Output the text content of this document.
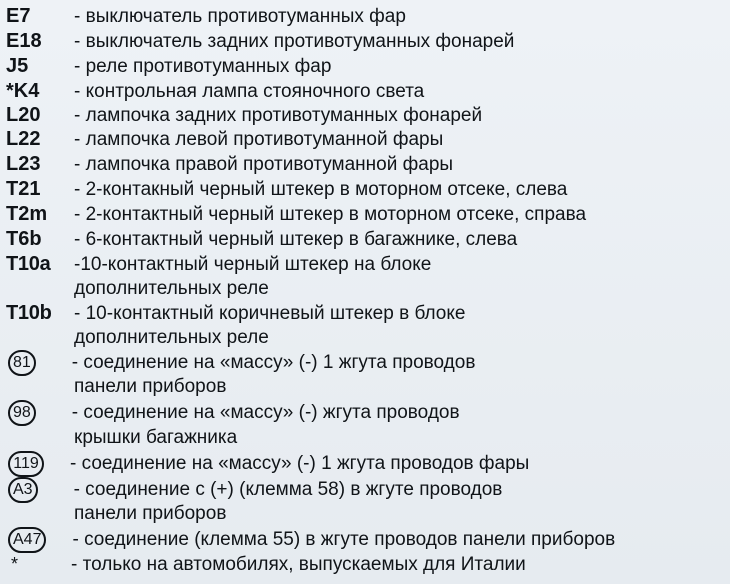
E7	- выключатель противотуманных фар
E18	- выключатель задних противотуманных фонарей
J5	- реле противотуманных фар
*K4	- контрольная лампа стояночного света
L20	- лампочка задних противотуманных фонарей
L22	- лампочка левой противотуманной фары
L23	- лампочка правой противотуманной фары
T21	- 2-контакный черный штекер в моторном отсеке, слева
T2m	- 2-контактный черный штекер в моторном отсеке, справа
T6b	- 6-контактный черный штекер в багажнике, слева
T10a	-10-контактный черный штекер на блоке
дополнительных реле
T10b	- 10-контактный коричневый штекер в блоке
дополнительных реле
81 - соединение на «массу» (-) 1 жгута проводов
панели приборов
98 - соединение на «массу» (-) жгута проводов
крышки багажника
119 - соединение на «массу» (-) 1 жгута проводов фары
A3 - соединение с (+) (клемма 58) в жгуте проводов
панели приборов
A47 - соединение (клемма 55) в жгуте проводов панели приборов
*	- только на автомобилях, выпускаемых для Италии
